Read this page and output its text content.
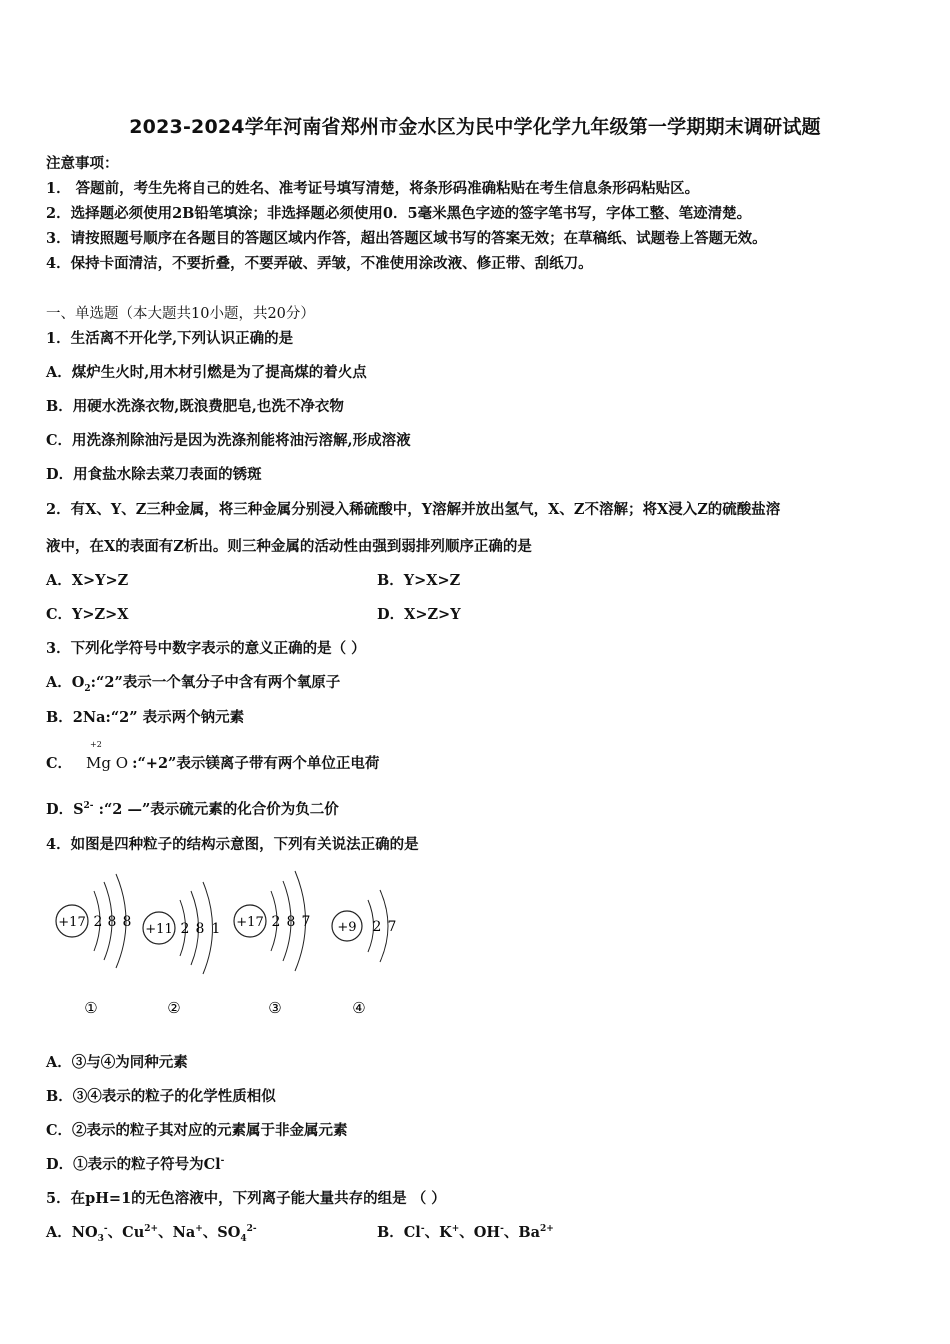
2023-2024学年河南省郑州市金水区为民中学化学九年级第一学期期末调研试题
注意事项：
1． 答题前，考生先将自己的姓名、准考证号填写清楚，将条形码准确粘贴在考生信息条形码粘贴区。
2．选择题必须使用2B铅笔填涂；非选择题必须使用0．5毫米黑色字迹的签字笔书写，字体工整、笔迹清楚。
3．请按照题号顺序在各题目的答题区域内作答，超出答题区域书写的答案无效；在草稿纸、试题卷上答题无效。
4．保持卡面清洁，不要折叠，不要弄破、弄皱，不准使用涂改液、修正带、刮纸刀。
一、单选题（本大题共10小题，共20分）
1．生活离不开化学,下列认识正确的是
A．煤炉生火时,用木材引燃是为了提高煤的着火点
B．用硬水洗涤衣物,既浪费肥皂,也洗不净衣物
C．用洗涤剂除油污是因为洗涤剂能将油污溶解,形成溶液
D．用食盐水除去菜刀表面的锈斑
2．有X、Y、Z三种金属，将三种金属分别浸入稀硫酸中，Y溶解并放出氢气，X、Z不溶解；将X浸入Z的硫酸盐溶
液中，在X的表面有Z析出。则三种金属的活动性由强到弱排列顺序正确的是
A．X>Y>Z	B．Y>X>Z
C．Y>Z>X	D．X>Z>Y
3．下列化学符号中数字表示的意义正确的是（ ）
A．$O_2:“2$”表示一个氧分子中含有两个氧原子
B．2Na:“2” 表示两个钠元素
C．
+2
Mg O :“+2”表示镁离子带有两个单位正电荷
D．$S^{2-}$ :“2 —”表示硫元素的化合价为负二价
4．如图是四种粒子的结构示意图，下列有关说法正确的是
+17 2 8 8
①
+11 2 8 1
②
+17 2 8 7
③
+9 2 7
④
A．③与④为同种元素
B．③④表示的粒子的化学性质相似
C．②表示的粒子其对应的元素属于非金属元素
D．①表示的粒子符号为Cl-
5．在pH=1的无色溶液中，下列离子能大量共存的组是 （ ）
A．$NO_3^-$、$Cu^{2+}$、Na+、$SO_4^{2-}$	B．Cl-、K+、OH-、$Ba^{2+}$
